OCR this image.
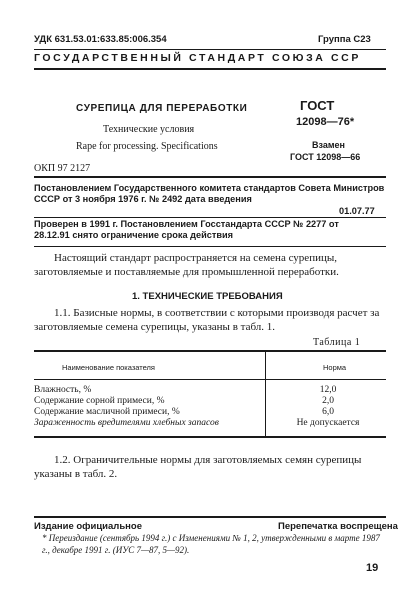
УДК 631.53.01:633.85:006.354	Группа С23
ГОСУДАРСТВЕННЫЙ СТАНДАРТ СОЮЗА ССР
СУРЕПИЦА ДЛЯ ПЕРЕРАБОТКИ
Технические условия
Rape for processing. Specifications
ГОСТ
12098—76*
Взамен
ГОСТ 12098—66
ОКП 97 2127
Постановлением Государственного комитета стандартов Совета Министров СССР от 3 ноября 1976 г. № 2492 дата введения
01.07.77
Проверен в 1991 г. Постановлением Госстандарта СССР № 2277 от 28.12.91 снято ограничение срока действия
Настоящий стандарт распространяется на семена сурепицы, заготовляемые и поставляемые для промышленной переработки.
1. ТЕХНИЧЕСКИЕ ТРЕБОВАНИЯ
1.1. Базисные нормы, в соответствии с которыми производя расчет за заготовляемые семена сурепицы, указаны в табл. 1.
Таблица 1
Наименование показателя	Норма
Влажность, %	12,0
Содержание сорной примеси, %	2,0
Содержание масличной примеси, %	6,0
Зараженность вредителями хлебных запасов	Не допускается
1.2. Ограничительные нормы для заготовляемых семян сурепицы указаны в табл. 2.
Издание официальное	Перепечатка воспрещена
* Переиздание (сентябрь 1994 г.) с Изменениями № 1, 2, утвержденными в марте 1987 г., декабре 1991 г. (ИУС 7—87, 5—92).
19
